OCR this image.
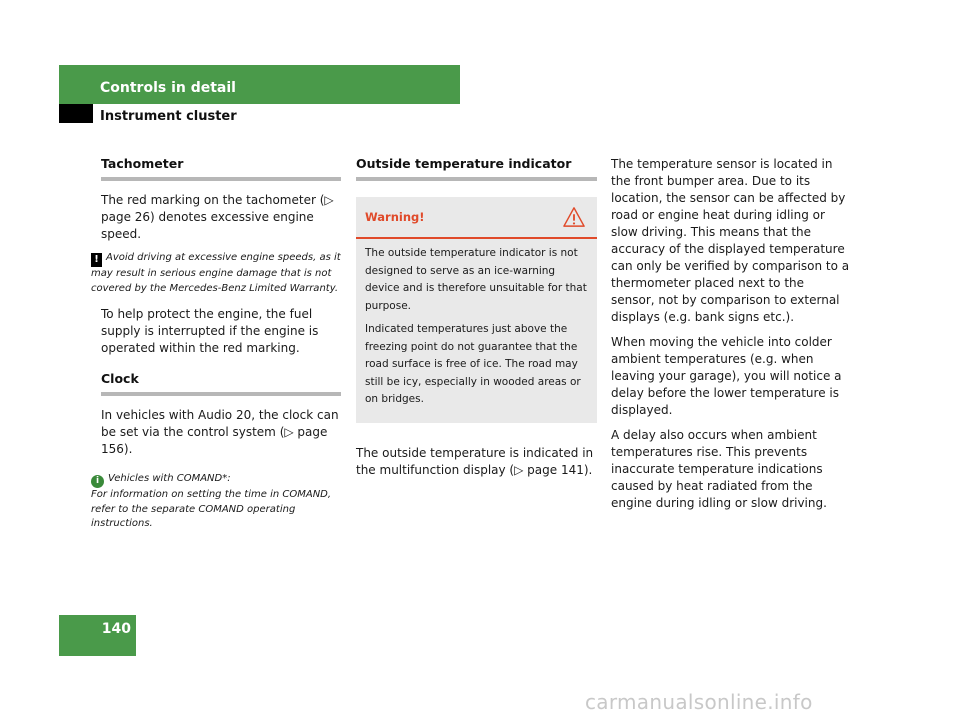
Controls in detail
Instrument cluster
Tachometer

The red marking on the tachometer (▷ page 26) denotes excessive engine speed.

! Avoid driving at excessive engine speeds, as it may result in serious engine damage that is not covered by the Mercedes-Benz Limited Warranty.

To help protect the engine, the fuel supply is interrupted if the engine is operated within the red marking.

Clock

In vehicles with Audio 20, the clock can be set via the control system (▷ page 156).

i Vehicles with COMAND*:
For information on setting the time in COMAND, refer to the separate COMAND operating instructions.
Outside temperature indicator
Warning!

The outside temperature indicator is not designed to serve as an ice-warning device and is therefore unsuitable for that purpose.

Indicated temperatures just above the freezing point do not guarantee that the road surface is free of ice. The road may still be icy, especially in wooded areas or on bridges.

The outside temperature is indicated in the multifunction display (▷ page 141).

The temperature sensor is located in the front bumper area. Due to its location, the sensor can be affected by road or engine heat during idling or slow driving. This means that the accuracy of the displayed temperature can only be verified by comparison to a thermometer placed next to the sensor, not by comparison to external displays (e.g. bank signs etc.).

When moving the vehicle into colder ambient temperatures (e.g. when leaving your garage), you will notice a delay before the lower temperature is displayed.

A delay also occurs when ambient temperatures rise. This prevents inaccurate temperature indications caused by heat radiated from the engine during idling or slow driving.

140
carmanualsonline.info
